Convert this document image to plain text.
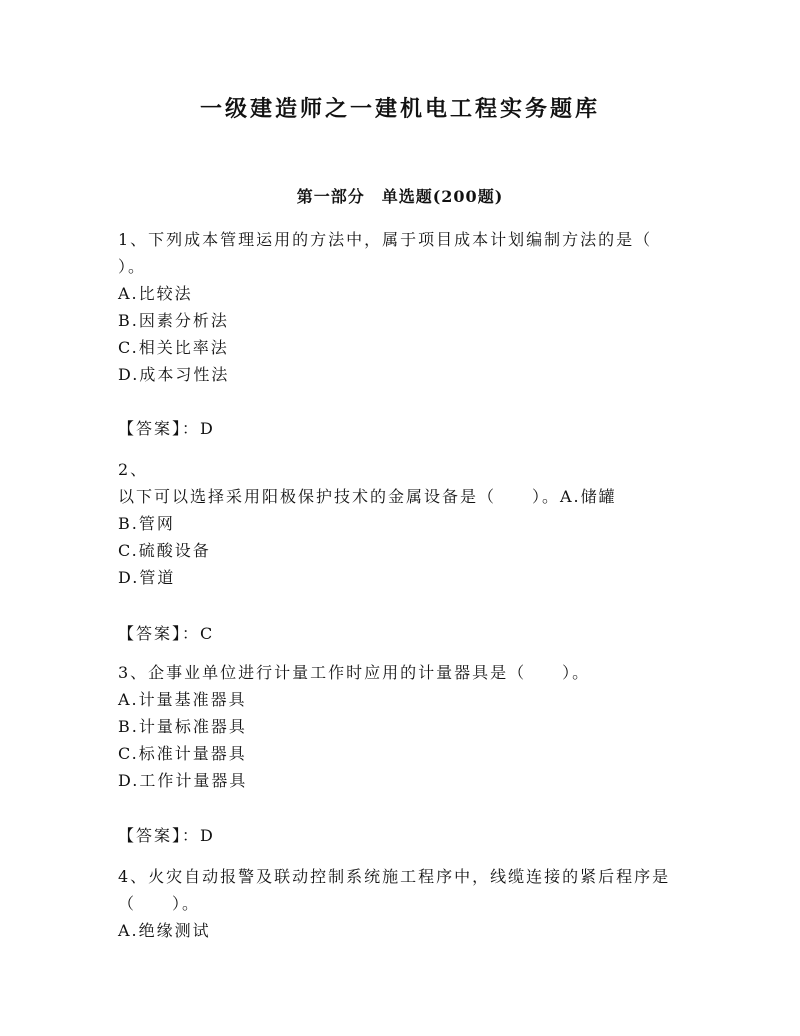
一级建造师之一建机电工程实务题库
第一部分　单选题(200题)
1、下列成本管理运用的方法中，属于项目成本计划编制方法的是（
）。
A.比较法
B.因素分析法
C.相关比率法
D.成本习性法
【答案】：D
2、
以下可以选择采用阳极保护技术的金属设备是（　　）。A.储罐
B.管网
C.硫酸设备
D.管道
【答案】：C
3、企事业单位进行计量工作时应用的计量器具是（　　）。
A.计量基准器具
B.计量标准器具
C.标准计量器具
D.工作计量器具
【答案】：D
4、火灾自动报警及联动控制系统施工程序中，线缆连接的紧后程序是
（　　）。
A.绝缘测试
